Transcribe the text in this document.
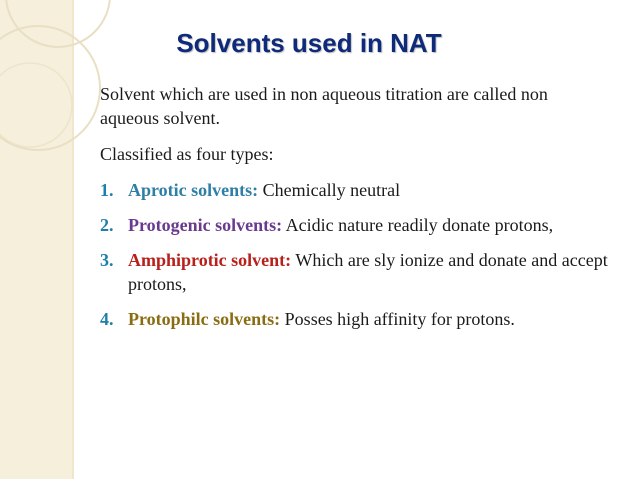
Solvents used in NAT

Solvent which are used in non aqueous titration are called non aqueous solvent.

Classified as four types:

1. Aprotic solvents: Chemically neutral
2. Protogenic solvents: Acidic nature readily donate protons,
3. Amphiprotic solvent: Which are sly ionize and donate and accept protons,
4. Protophilc solvents: Posses high affinity for protons.
